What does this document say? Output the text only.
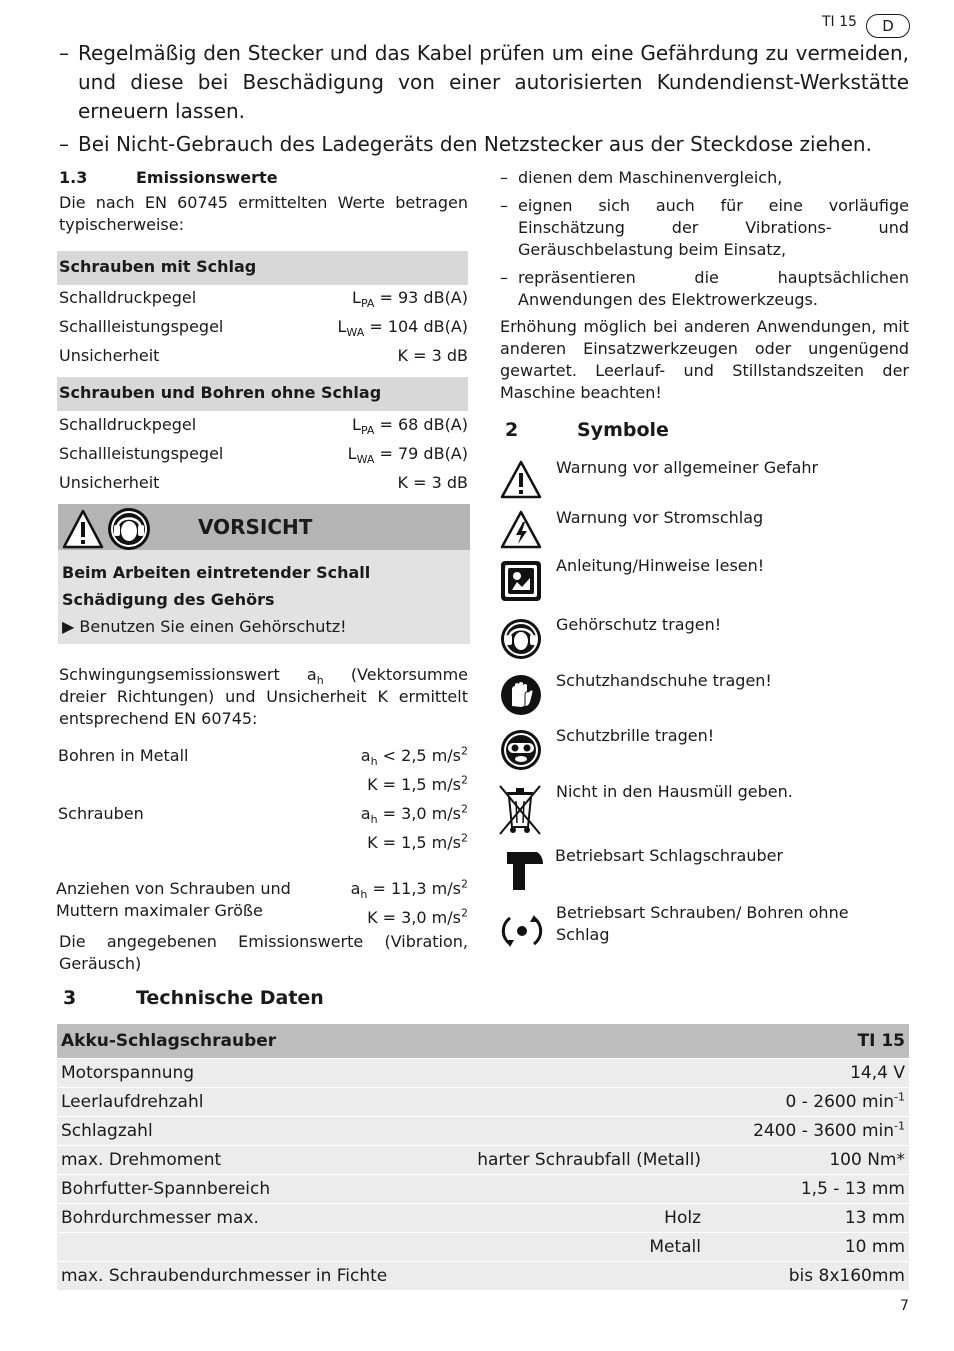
TI 15	D
– Regelmäßig den Stecker und das Kabel prüfen um eine Gefährdung zu vermeiden, und diese bei Beschädigung von einer autorisierten Kundendienst-Werkstätte erneuern lassen.
– Bei Nicht-Gebrauch des Ladegeräts den Netzstecker aus der Steckdose ziehen.
1.3	Emissionswerte
Die nach EN 60745 ermittelten Werte betragen typischerweise:
Schrauben mit Schlag
Schalldruckpegel	$L_{PA} = 93$ dB(A)
Schallleistungspegel	$L_{WA} = 104$ dB(A)
Unsicherheit	K = 3 dB
Schrauben und Bohren ohne Schlag
Schalldruckpegel	$L_{PA} = 68$ dB(A)
Schallleistungspegel	$L_{WA} = 79$ dB(A)
Unsicherheit	K = 3 dB
VORSICHT
Beim Arbeiten eintretender Schall
Schädigung des Gehörs
▶ Benutzen Sie einen Gehörschutz!
Schwingungsemissionswert $a_h$ (Vektorsumme dreier Richtungen) und Unsicherheit K ermittelt entsprechend EN 60745:
Bohren in Metall	$a_h < 2,5$ $m/s^2$
K = 1,5 $m/s^2$
Schrauben	$a_h = 3,0$ $m/s^2$
K = 1,5 $m/s^2$
Anziehen von Schrauben und Muttern maximaler Größe
$a_h = 11,3$ $m/s^2$
K = 3,0 $m/s^2$
Die angegebenen Emissionswerte (Vibration, Geräusch)
– dienen dem Maschinenvergleich,
– eignen sich auch für eine vorläufige Einschätzung der Vibrations- und Geräuschbelastung beim Einsatz,
– repräsentieren die hauptsächlichen Anwendungen des Elektrowerkzeugs.
Erhöhung möglich bei anderen Anwendungen, mit anderen Einsatzwerkzeugen oder ungenügend gewartet. Leerlauf- und Stillstandszeiten der Maschine beachten!
2	Symbole
Warnung vor allgemeiner Gefahr
Warnung vor Stromschlag
Anleitung/Hinweise lesen!
Gehörschutz tragen!
Schutzhandschuhe tragen!
Schutzbrille tragen!
Nicht in den Hausmüll geben.
Betriebsart Schlagschrauber
Betriebsart Schrauben/ Bohren ohne Schlag
3	Technische Daten
Akku-Schlagschrauber	TI 15
Motorspannung	14,4 V
Leerlaufdrehzahl	0 - 2600 $\min^{-1}$
Schlagzahl	2400 - 3600 $\min^{-1}$
max. Drehmoment	harter Schraubfall (Metall)	100 Nm*
Bohrfutter-Spannbereich	1,5 - 13 mm
Bohrdurchmesser max.	Holz	13 mm
Metall	10 mm
max. Schraubendurchmesser in Fichte	bis 8x160mm
7
